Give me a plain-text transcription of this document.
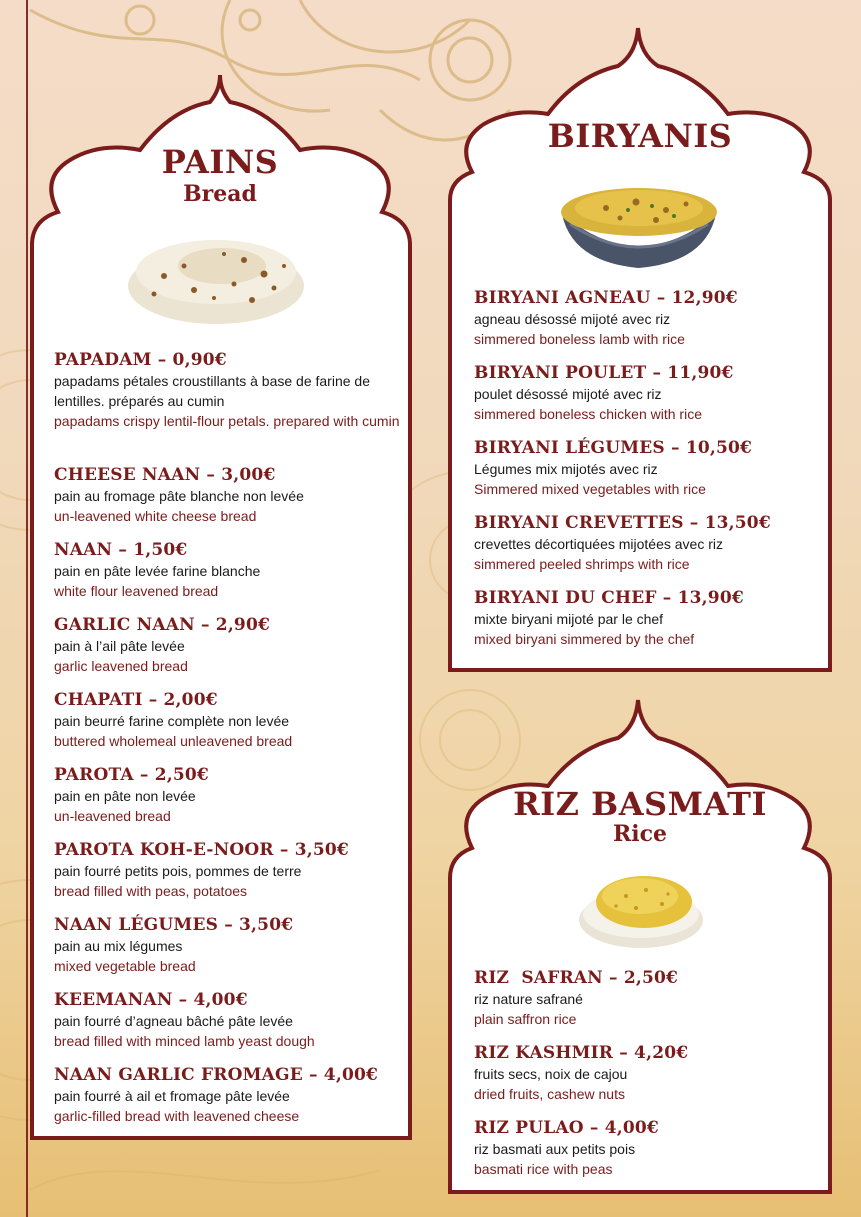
PAINS
Bread
PAPADAM – 0,90€
papadams pétales croustillants à base de farine de lentilles. préparés au cumin
papadams crispy lentil-flour petals. prepared with cumin
CHEESE NAAN – 3,00€
pain au fromage pâte blanche non levée
un-leavened white cheese bread
NAAN – 1,50€
pain en pâte levée farine blanche
white flour leavened bread
GARLIC NAAN – 2,90€
pain à l’ail pâte levée
garlic leavened bread
CHAPATI – 2,00€
pain beurré farine complète non levée
buttered wholemeal unleavened bread
PAROTA – 2,50€
pain en pâte non levée
un-leavened bread
PAROTA KOH-E-NOOR – 3,50€
pain fourré petits pois, pommes de terre
bread filled with peas, potatoes
NAAN LÉGUMES – 3,50€
pain au mix légumes
mixed vegetable bread
KEEMANAN – 4,00€
pain fourré d’agneau bâché pâte levée
bread filled with minced lamb yeast dough
NAAN GARLIC FROMAGE – 4,00€
pain fourré à ail et fromage pâte levée
garlic-filled bread with leavened cheese
BIRYANIS
BIRYANI AGNEAU – 12,90€
agneau désossé mijoté avec riz
simmered boneless lamb with rice
BIRYANI POULET – 11,90€
poulet désossé mijoté avec riz
simmered boneless chicken with rice
BIRYANI LÉGUMES – 10,50€
Légumes mix mijotés avec riz
Simmered mixed vegetables with rice
BIRYANI CREVETTES – 13,50€
crevettes décortiquées mijotées avec riz
simmered peeled shrimps with rice
BIRYANI DU CHEF – 13,90€
mixte biryani mijoté par le chef
mixed biryani simmered by the chef
RIZ BASMATI
Rice
RIZ  SAFRAN – 2,50€
riz nature safrané
plain saffron rice
RIZ KASHMIR – 4,20€
fruits secs, noix de cajou
dried fruits, cashew nuts
RIZ PULAO – 4,00€
riz basmati aux petits pois
basmati rice with peas
